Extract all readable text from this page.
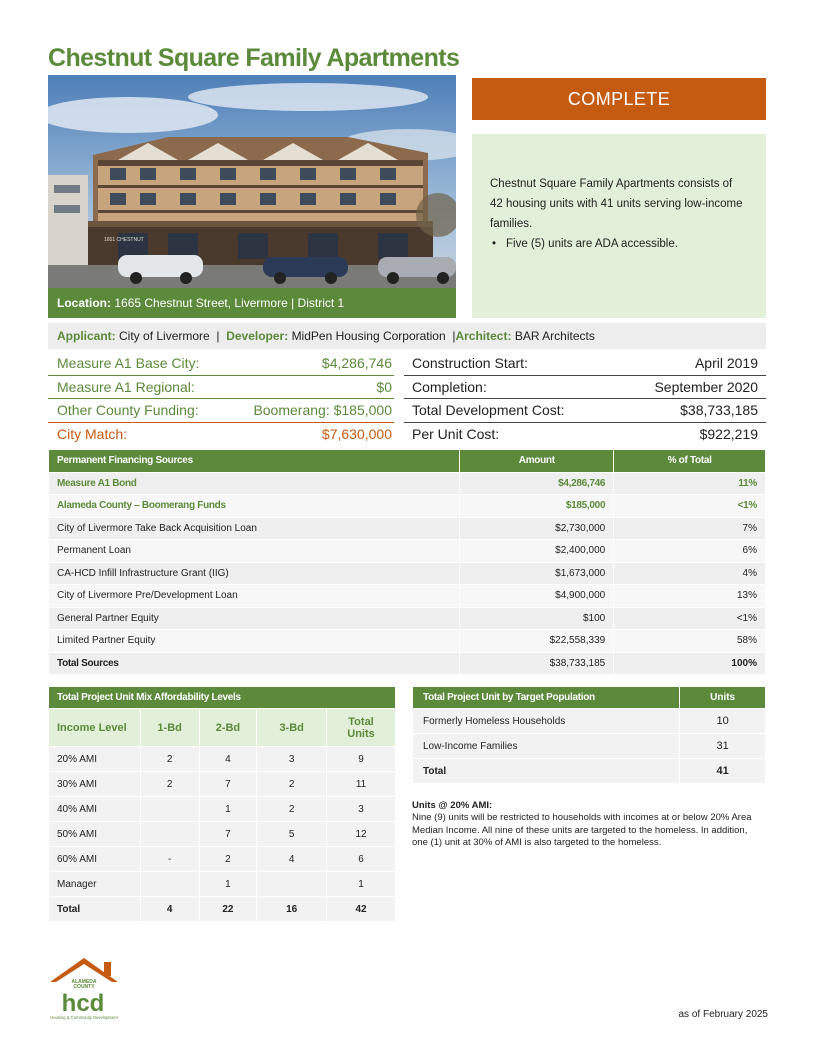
Chestnut Square Family Apartments
1651 CHESTNUT
Location: 1665 Chestnut Street, Livermore | District 1
COMPLETE

Chestnut Square Family Apartments consists of 42 housing units with 41 units serving low-income families.

• Five (5) units are ADA accessible.
Applicant: City of Livermore | Developer: MidPen Housing Corporation |Architect: BAR Architects
Measure A1 Base City:	$4,286,746 Construction Start:	April 2019
Measure A1 Regional:	$0 Completion:	September 2020
Other County Funding:	Boomerang: $185,000 Total Development Cost:	$38,733,185
City Match:	$7,630,000 Per Unit Cost:	$922,219
Permanent Financing Sources	Amount	% of Total
Measure A1 Bond	$4,286,746	11%
Alameda County – Boomerang Funds	$185,000	<1%
City of Livermore Take Back Acquisition Loan	$2,730,000	7%
Permanent Loan	$2,400,000	6%
CA-HCD Infill Infrastructure Grant (IIG)	$1,673,000	4%
City of Livermore Pre/Development Loan	$4,900,000	13%
General Partner Equity	$100	<1%
Limited Partner Equity	$22,558,339	58%
Total Sources	$38,733,185	100%
Total Project Unit Mix Affordability Levels				
Income Level	1-Bd	2-Bd	3-Bd	Total Units
20% AMI	2	4	3	9
30% AMI	2	7	2	11
40% AMI		1	2	3
50% AMI		7	5	12
60% AMI	-	2	4	6
Manager		1		1
Total	4	22	16	42
Total Project Unit by Target Population	Units
Formerly Homeless Households	10
Low-Income Families	31
Total	41
Units @ 20% AMI:
Nine (9) units will be restricted to households with incomes at or below 20% Area Median Income. All nine of these units are targeted to the homeless. In addition, one (1) unit at 30% of AMI is also targeted to the homeless.
ALAMEDA
COUNTY
hcd
Housing & Community Development	as of February 2025
